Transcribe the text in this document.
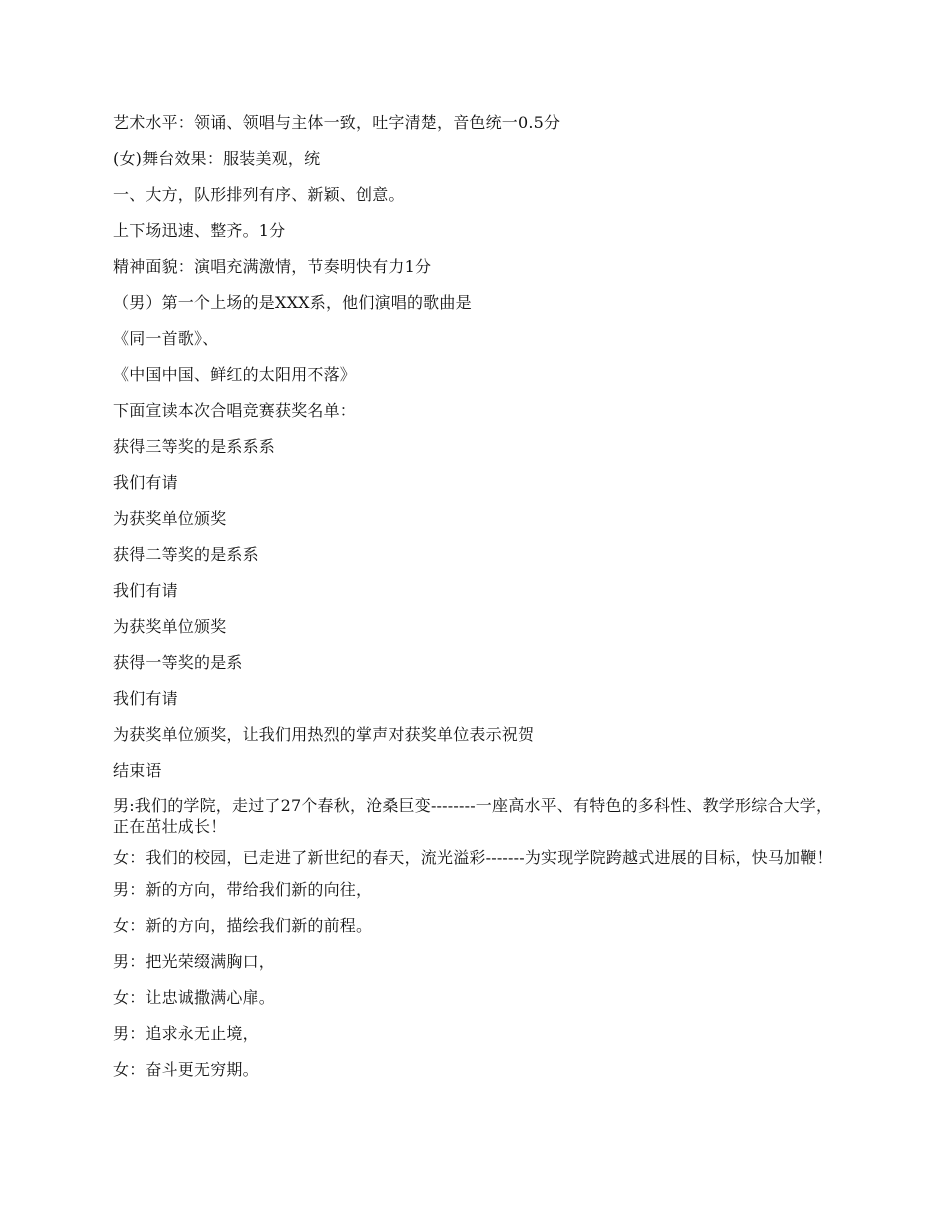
艺术水平：领诵、领唱与主体一致，吐字清楚，音色统一0.5分

(女)舞台效果：服装美观，统

一、大方，队形排列有序、新颖、创意。

上下场迅速、整齐。1分

精神面貌：演唱充满激情，节奏明快有力1分

（男）第一个上场的是XXX系，他们演唱的歌曲是

《同一首歌》、

《中国中国、鲜红的太阳用不落》

下面宣读本次合唱竞赛获奖名单：

获得三等奖的是系系系

我们有请

为获奖单位颁奖

获得二等奖的是系系

我们有请

为获奖单位颁奖

获得一等奖的是系

我们有请

为获奖单位颁奖，让我们用热烈的掌声对获奖单位表示祝贺

结束语

男:我们的学院，走过了27个春秋，沧桑巨变--------一座高水平、有特色的多科性、教学形综合大学，正在茁壮成长！

女：我们的校园，已走进了新世纪的春天，流光溢彩-------为实现学院跨越式进展的目标，快马加鞭！

男：新的方向，带给我们新的向往，

女：新的方向，描绘我们新的前程。

男：把光荣缀满胸口，

女：让忠诚撒满心扉。

男：追求永无止境，

女：奋斗更无穷期。
